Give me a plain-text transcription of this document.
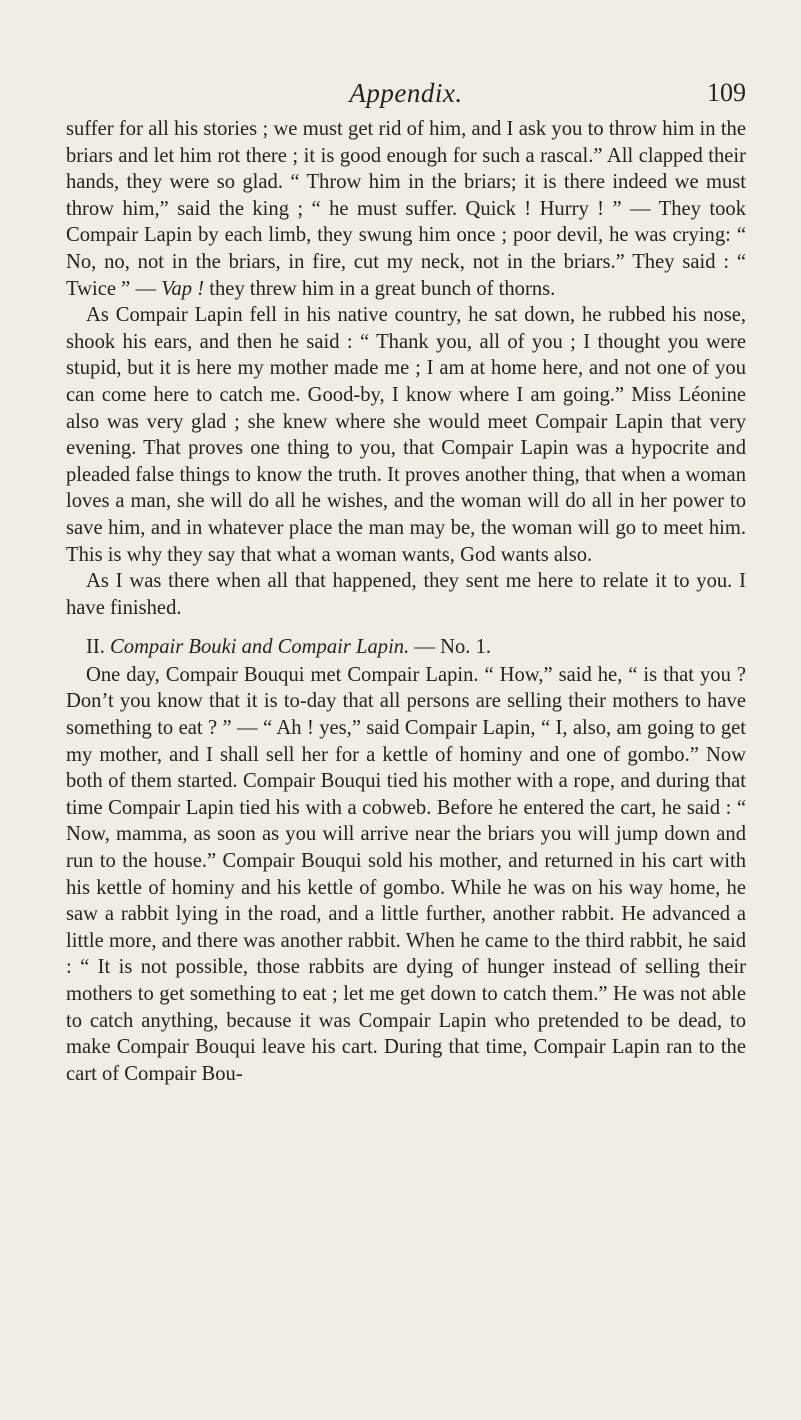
Appendix.	109

suffer for all his stories ; we must get rid of him, and I ask you to throw him in the briars and let him rot there ; it is good enough for such a rascal.” All clapped their hands, they were so glad. “ Throw him in the briars; it is there indeed we must throw him,” said the king ; “ he must suffer. Quick ! Hurry ! ” — They took Compair Lapin by each limb, they swung him once ; poor devil, he was crying: “ No, no, not in the briars, in fire, cut my neck, not in the briars.” They said : “ Twice ” — Vap ! they threw him in a great bunch of thorns.

As Compair Lapin fell in his native country, he sat down, he rubbed his nose, shook his ears, and then he said : “ Thank you, all of you ; I thought you were stupid, but it is here my mother made me ; I am at home here, and not one of you can come here to catch me. Good-by, I know where I am going.” Miss Léonine also was very glad ; she knew where she would meet Compair Lapin that very evening. That proves one thing to you, that Compair Lapin was a hypocrite and pleaded false things to know the truth. It proves another thing, that when a woman loves a man, she will do all he wishes, and the woman will do all in her power to save him, and in whatever place the man may be, the woman will go to meet him. This is why they say that what a woman wants, God wants also.

As I was there when all that happened, they sent me here to relate it to you. I have finished.

II. Compair Bouki and Compair Lapin. — No. 1.

One day, Compair Bouqui met Compair Lapin. “ How,” said he, “ is that you ? Don’t you know that it is to-day that all persons are selling their mothers to have something to eat ? ” — “ Ah ! yes,” said Compair Lapin, “ I, also, am going to get my mother, and I shall sell her for a kettle of hominy and one of gombo.” Now both of them started. Compair Bouqui tied his mother with a rope, and during that time Compair Lapin tied his with a cobweb. Before he entered the cart, he said : “ Now, mamma, as soon as you will arrive near the briars you will jump down and run to the house.” Compair Bouqui sold his mother, and returned in his cart with his kettle of hominy and his kettle of gombo. While he was on his way home, he saw a rabbit lying in the road, and a little further, another rabbit. He advanced a little more, and there was another rabbit. When he came to the third rabbit, he said : “ It is not possible, those rabbits are dying of hunger instead of selling their mothers to get something to eat ; let me get down to catch them.” He was not able to catch anything, because it was Compair Lapin who pretended to be dead, to make Compair Bouqui leave his cart. During that time, Compair Lapin ran to the cart of Compair Bou-
